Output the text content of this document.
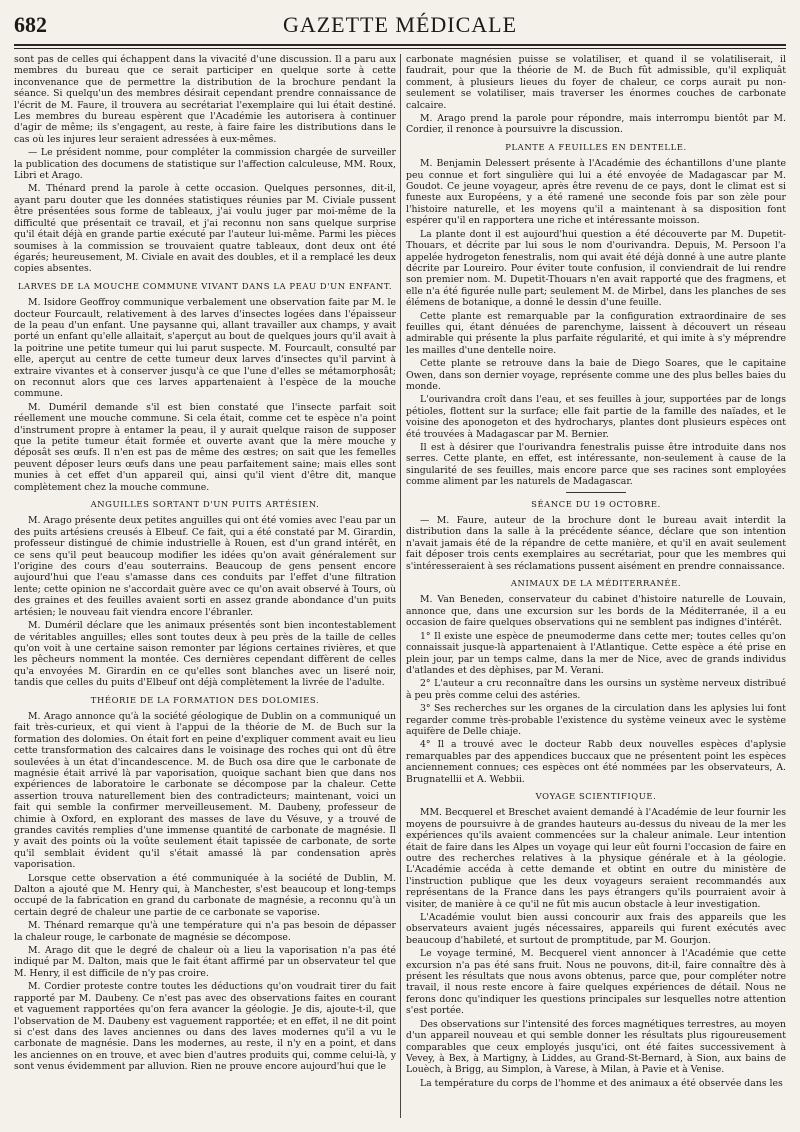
682	GAZETTE MÉDICALE

sont pas de celles qui échappent dans la vivacité d'une discussion. Il a paru aux membres du bureau que ce serait participer en quelque sorte à cette inconvenance que de permettre la distribution de la brochure pendant la séance. Si quelqu'un des membres désirait cependant prendre connaissance de l'écrit de M. Faure, il trouvera au secrétariat l'exemplaire qui lui était destiné. Les membres du bureau espèrent que l'Académie les autorisera à continuer d'agir de même; ils s'engagent, au reste, à faire faire les distributions dans le cas où les injures leur seraient adressées à eux-mêmes.

— Le président nomme, pour compléter la commission chargée de surveiller la publication des documens de statistique sur l'affection calculeuse, MM. Roux, Libri et Arago.

M. Thénard prend la parole à cette occasion. Quelques personnes, dit-il, ayant paru douter que les données statistiques réunies par M. Civiale pussent être présentées sous forme de tableaux, j'ai voulu juger par moi-même de la difficulté que présentait ce travail, et j'ai reconnu non sans quelque surprise qu'il était déjà en grande partie exécuté par l'auteur lui-même. Parmi les pièces soumises à la commission se trouvaient quatre tableaux, dont deux ont été égarés; heureusement, M. Civiale en avait des doubles, et il a remplacé les deux copies absentes.

LARVES DE LA MOUCHE COMMUNE VIVANT DANS LA PEAU D'UN ENFANT.

M. Isidore Geoffroy communique verbalement une observation faite par M. le docteur Fourcault, relativement à des larves d'insectes logées dans l'épaisseur de la peau d'un enfant. Une paysanne qui, allant travailler aux champs, y avait porté un enfant qu'elle allaitait, s'aperçut au bout de quelques jours qu'il avait à la poitrine une petite tumeur qui lui parut suspecte. M. Fourcault, consulté par elle, aperçut au centre de cette tumeur deux larves d'insectes qu'il parvint à extraire vivantes et à conserver jusqu'à ce que l'une d'elles se métamorphosât; on reconnut alors que ces larves appartenaient à l'espèce de la mouche commune.

M. Duméril demande s'il est bien constaté que l'insecte parfait soit réellement une mouche commune. Si cela était, comme cet te espèce n'a point d'instrument propre à entamer la peau, il y aurait quelque raison de supposer que la petite tumeur était formée et ouverte avant que la mère mouche y déposât ses œufs. Il n'en est pas de même des œstres; on sait que les femelles peuvent déposer leurs œufs dans une peau parfaitement saine; mais elles sont munies à cet effet d'un appareil qui, ainsi qu'il vient d'être dit, manque complètement chez la mouche commune.

ANGUILLES SORTANT D'UN PUITS ARTÉSIEN.

M. Arago présente deux petites anguilles qui ont été vomies avec l'eau par un des puits artésiens creusés à Elbeuf. Ce fait, qui a été constaté par M. Girardin, professeur distingué de chimie industrielle à Rouen, est d'un grand intérêt, en ce sens qu'il peut beaucoup modifier les idées qu'on avait généralement sur l'origine des cours d'eau souterrains. Beaucoup de gens pensent encore aujourd'hui que l'eau s'amasse dans ces conduits par l'effet d'une filtration lente; cette opinion ne s'accordait guère avec ce qu'on avait observé à Tours, où des graines et des feuilles avaient sorti en assez grande abondance d'un puits artésien; le nouveau fait viendra encore l'ébranler.

M. Duméril déclare que les animaux présentés sont bien incontestablement de véritables anguilles; elles sont toutes deux à peu près de la taille de celles qu'on voit à une certaine saison remonter par légions certaines rivières, et que les pêcheurs nomment la montée. Ces dernières cependant diffèrent de celles qu'a envoyées M. Girardin en ce qu'elles sont blanches avec un liseré noir, tandis que celles du puits d'Elbeuf ont déjà complètement la livrée de l'adulte.

THÉORIE DE LA FORMATION DES DOLOMIES.

M. Arago annonce qu'à la société géologique de Dublin on a communiqué un fait très-curieux, et qui vient à l'appui de la théorie de M. de Buch sur la formation des dolomies. On était fort en peine d'expliquer comment avait eu lieu cette transformation des calcaires dans le voisinage des roches qui ont dû être soulevées à un état d'incandescence. M. de Buch osa dire que le carbonate de magnésie était arrivé là par vaporisation, quoique sachant bien que dans nos expériences de laboratoire le carbonate se décompose par la chaleur. Cette assertion trouva naturellement bien des contradicteurs; maintenant, voici un fait qui semble la confirmer merveilleusement. M. Daubeny, professeur de chimie à Oxford, en explorant des masses de lave du Vésuve, y a trouvé de grandes cavités remplies d'une immense quantité de carbonate de magnésie. Il y avait des points où la voûte seulement était tapissée de carbonate, de sorte qu'il semblait évident qu'il s'était amassé là par condensation après vaporisation.

Lorsque cette observation a été communiquée à la société de Dublin, M. Dalton a ajouté que M. Henry qui, à Manchester, s'est beaucoup et long-temps occupé de la fabrication en grand du carbonate de magnésie, a reconnu qu'à un certain degré de chaleur une partie de ce carbonate se vaporise.

M. Thénard remarque qu'à une température qui n'a pas besoin de dépasser la chaleur rouge, le carbonate de magnésie se décompose.

M. Arago dit que le degré de chaleur où a lieu la vaporisation n'a pas été indiqué par M. Dalton, mais que le fait étant affirmé par un observateur tel que M. Henry, il est difficile de n'y pas croire.

M. Cordier proteste contre toutes les déductions qu'on voudrait tirer du fait rapporté par M. Daubeny. Ce n'est pas avec des observations faites en courant et vaguement rapportées qu'on fera avancer la géologie. Je dis, ajoute-t-il, que l'observation de M. Daubeny est vaguement rapportée; et en effet, il ne dit point si c'est dans des laves anciennes ou dans des laves modernes qu'il a vu le carbonate de magnésie. Dans les modernes, au reste, il n'y en a point, et dans les anciennes on en trouve, et avec bien d'autres produits qui, comme celui-là, y sont venus évidemment par alluvion. Rien ne prouve encore aujourd'hui que le

carbonate magnésien puisse se volatiliser, et quand il se volatiliserait, il faudrait, pour que la théorie de M. de Buch fût admissible, qu'il expliquât comment, à plusieurs lieues du foyer de chaleur, ce corps aurait pu non-seulement se volatiliser, mais traverser les énormes couches de carbonate calcaire.

M. Arago prend la parole pour répondre, mais interrompu bientôt par M. Cordier, il renonce à poursuivre la discussion.

PLANTE A FEUILLES EN DENTELLE.

M. Benjamin Delessert présente à l'Académie des échantillons d'une plante peu connue et fort singulière qui lui a été envoyée de Madagascar par M. Goudot. Ce jeune voyageur, après être revenu de ce pays, dont le climat est si funeste aux Européens, y a été ramené une seconde fois par son zèle pour l'histoire naturelle, et les moyens qu'il a maintenant à sa disposition font espérer qu'il en rapportera une riche et intéressante moisson.

La plante dont il est aujourd'hui question a été découverte par M. Dupetit-Thouars, et décrite par lui sous le nom d'ourivandra. Depuis, M. Persoon l'a appelée hydrogeton fenestralis, nom qui avait été déjà donné à une autre plante décrite par Loureiro. Pour éviter toute confusion, il conviendrait de lui rendre son premier nom. M. Dupetit-Thouars n'en avait rapporté que des fragmens, et elle n'a été figurée nulle part; seulement M. de Mirbel, dans les planches de ses élémens de botanique, a donné le dessin d'une feuille.

Cette plante est remarquable par la configuration extraordinaire de ses feuilles qui, étant dénuées de parenchyme, laissent à découvert un réseau admirable qui présente la plus parfaite régularité, et qui imite à s'y méprendre les mailles d'une dentelle noire.

Cette plante se retrouve dans la baie de Diego Soares, que le capitaine Owen, dans son dernier voyage, représente comme une des plus belles baies du monde.

L'ourivandra croît dans l'eau, et ses feuilles à jour, supportées par de longs pétioles, flottent sur la surface; elle fait partie de la famille des naïades, et le voisine des aponogeton et des hydrocharys, plantes dont plusieurs espèces ont été trouvées à Madagascar par M. Bernier.

Il est à désirer que l'ourivandra fenestralis puisse être introduite dans nos serres. Cette plante, en effet, est intéressante, non-seulement à cause de la singularité de ses feuilles, mais encore parce que ses racines sont employées comme aliment par les naturels de Madagascar.

SÉANCE DU 19 OCTOBRE.

— M. Faure, auteur de la brochure dont le bureau avait interdit la distribution dans la salle à la précédente séance, déclare que son intention n'avait jamais été de la répandre de cette manière, et qu'il en avait seulement fait déposer trois cents exemplaires au secrétariat, pour que les membres qui s'intéresseraient à ses réclamations pussent aisément en prendre connaissance.

ANIMAUX DE LA MÉDITERRANÉE.

M. Van Beneden, conservateur du cabinet d'histoire naturelle de Louvain, annonce que, dans une excursion sur les bords de la Méditerranée, il a eu occasion de faire quelques observations qui ne semblent pas indignes d'intérêt.

1° Il existe une espèce de pneumoderme dans cette mer; toutes celles qu'on connaissait jusque-là appartenaient à l'Atlantique. Cette espèce a été prise en plein jour, par un temps calme, dans la mer de Nice, avec de grands individus d'atlandes et des dèphises, par M. Verani.

2° L'auteur a cru reconnaître dans les oursins un système nerveux distribué à peu près comme celui des astéries.

3° Ses recherches sur les organes de la circulation dans les aplysies lui font regarder comme très-probable l'existence du système veineux avec le système aquifère de Delle chiaje.

4° Il a trouvé avec le docteur Rabb deux nouvelles espèces d'aplysie remarquables par des appendices buccaux que ne présentent point les espèces anciennement connues; ces espèces ont été nommées par les observateurs, A. Brugnatellii et A. Webbii.

VOYAGE SCIENTIFIQUE.

MM. Becquerel et Breschet avaient demandé à l'Académie de leur fournir les moyens de poursuivre à de grandes hauteurs au-dessus du niveau de la mer les expériences qu'ils avaient commencées sur la chaleur animale. Leur intention était de faire dans les Alpes un voyage qui leur eût fourni l'occasion de faire en outre des recherches relatives à la physique générale et à la géologie. L'Académie accéda à cette demande et obtint en outre du ministère de l'instruction publique que les deux voyageurs seraient recommandés aux représentans de la France dans les pays étrangers qu'ils pourraient avoir à visiter, de manière à ce qu'il ne fût mis aucun obstacle à leur investigation.

L'Académie voulut bien aussi concourir aux frais des appareils que les observateurs avaient jugés nécessaires, appareils qui furent exécutés avec beaucoup d'habileté, et surtout de promptitude, par M. Gourjon.

Le voyage terminé, M. Becquerel vient annoncer à l'Académie que cette excursion n'a pas été sans fruit. Nous ne pouvons, dit-il, faire connaître dès à présent les résultats que nous avons obtenus, parce que, pour compléter notre travail, il nous reste encore à faire quelques expériences de détail. Nous ne ferons donc qu'indiquer les questions principales sur lesquelles notre attention s'est portée.

Des observations sur l'intensité des forces magnétiques terrestres, au moyen d'un appareil nouveau et qui semble donner les résultats plus rigoureusement comparables que ceux employés jusqu'ici, ont été faites successivement à Vevey, à Bex, à Martigny, à Liddes, au Grand-St-Bernard, à Sion, aux bains de Louèch, à Brigg, au Simplon, à Varese, à Milan, à Pavie et à Venise.

La température du corps de l'homme et des animaux a été observée dans les
